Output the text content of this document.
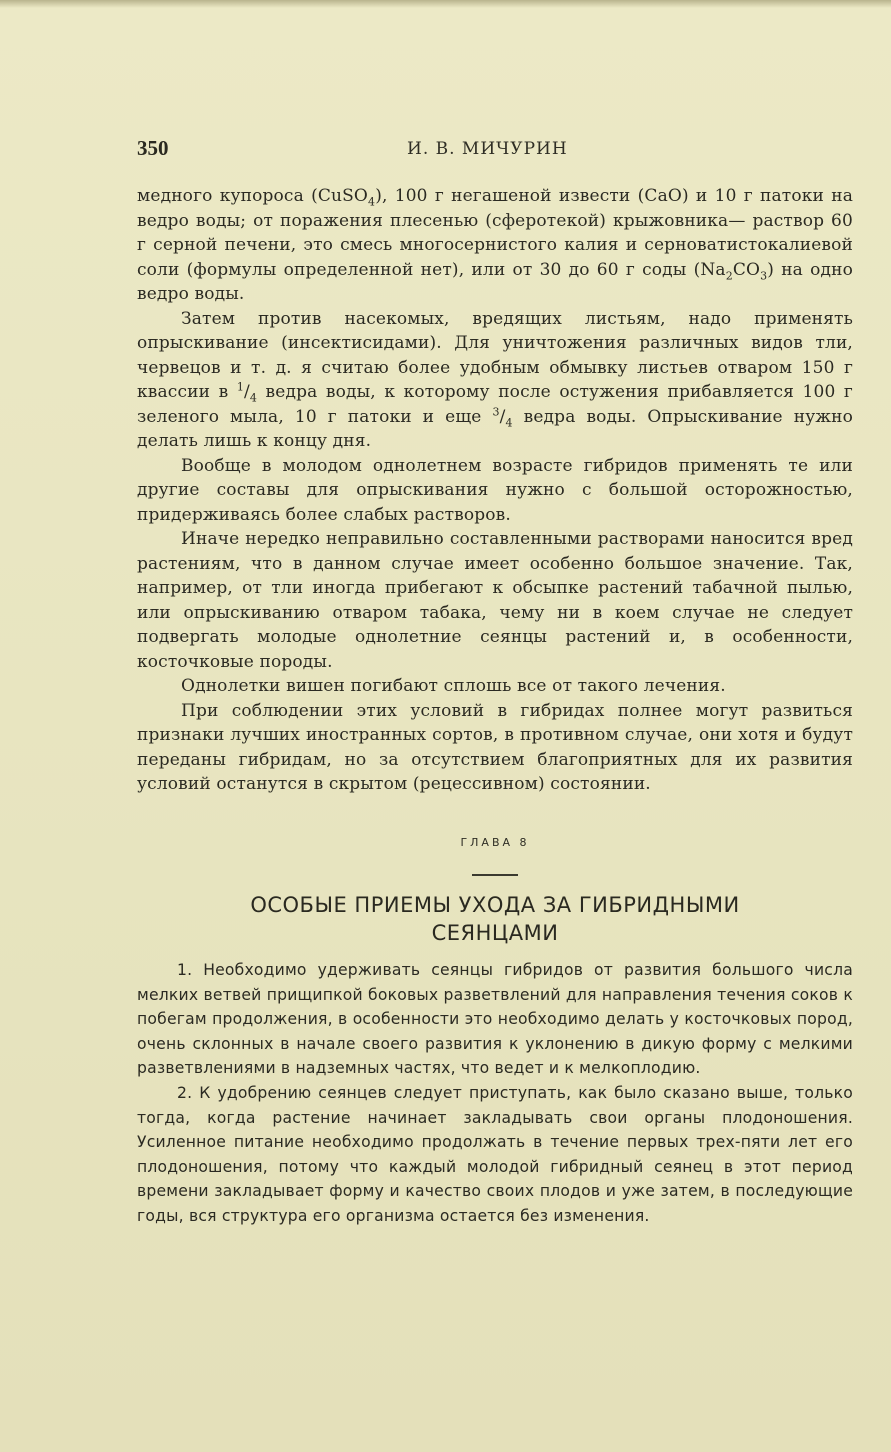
350	И. В. МИЧУРИН

медного купороса (CuSO$_4$), 100 г негашеной извести (CaO) и 10 г патоки на ведро воды; от поражения плесенью (сферотекой) крыжовника— раствор 60 г серной печени, это смесь многосернистого калия и серноватистокалиевой соли (формулы определенной нет), или от 30 до 60 г соды $(Na_2CO_3)$ на одно ведро воды.

Затем против насекомых, вредящих листьям, надо применять опрыскивание (инсектисидами). Для уничтожения различных видов тли, червецов и т. д. я считаю более удобным обмывку листьев отваром 150 г квассии в $^1/_4$ ведра воды, к которому после остужения прибавляется 100 г зеленого мыла, 10 г патоки и еще $^3/_4$ ведра воды. Опрыскивание нужно делать лишь к концу дня.

Вообще в молодом однолетнем возрасте гибридов применять те или другие составы для опрыскивания нужно с большой осторожностью, придерживаясь более слабых растворов.

Иначе нередко неправильно составленными растворами наносится вред растениям, что в данном случае имеет особенно большое значение. Так, например, от тли иногда прибегают к обсыпке растений табачной пылью, или опрыскиванию отваром табака, чему ни в коем случае не следует подвергать молодые однолетние сеянцы растений и, в особенности, косточковые породы.

Однолетки вишен погибают сплошь все от такого лечения.

При соблюдении этих условий в гибридах полнее могут развиться признаки лучших иностранных сортов, в противном случае, они хотя и будут переданы гибридам, но за отсутствием благоприятных для их развития условий останутся в скрытом (рецессивном) состоянии.

ГЛАВА 8
ОСОБЫЕ ПРИЕМЫ УХОДА ЗА ГИБРИДНЫМИ
СЕЯНЦАМИ

1. Необходимо удерживать сеянцы гибридов от развития большого числа мелких ветвей прищипкой боковых разветвлений для направления течения соков к побегам продолжения, в особенности это необходимо делать у косточковых пород, очень склонных в начале своего развития к уклонению в дикую форму с мелкими разветвлениями в надземных частях, что ведет и к мелкоплодию.

2. К удобрению сеянцев следует приступать, как было сказано выше, только тогда, когда растение начинает закладывать свои органы плодоношения. Усиленное питание необходимо продолжать в течение первых трех-пяти лет его плодоношения, потому что каждый молодой гибридный сеянец в этот период времени закладывает форму и качество своих плодов и уже затем, в последующие годы, вся структура его организма остается без изменения.
